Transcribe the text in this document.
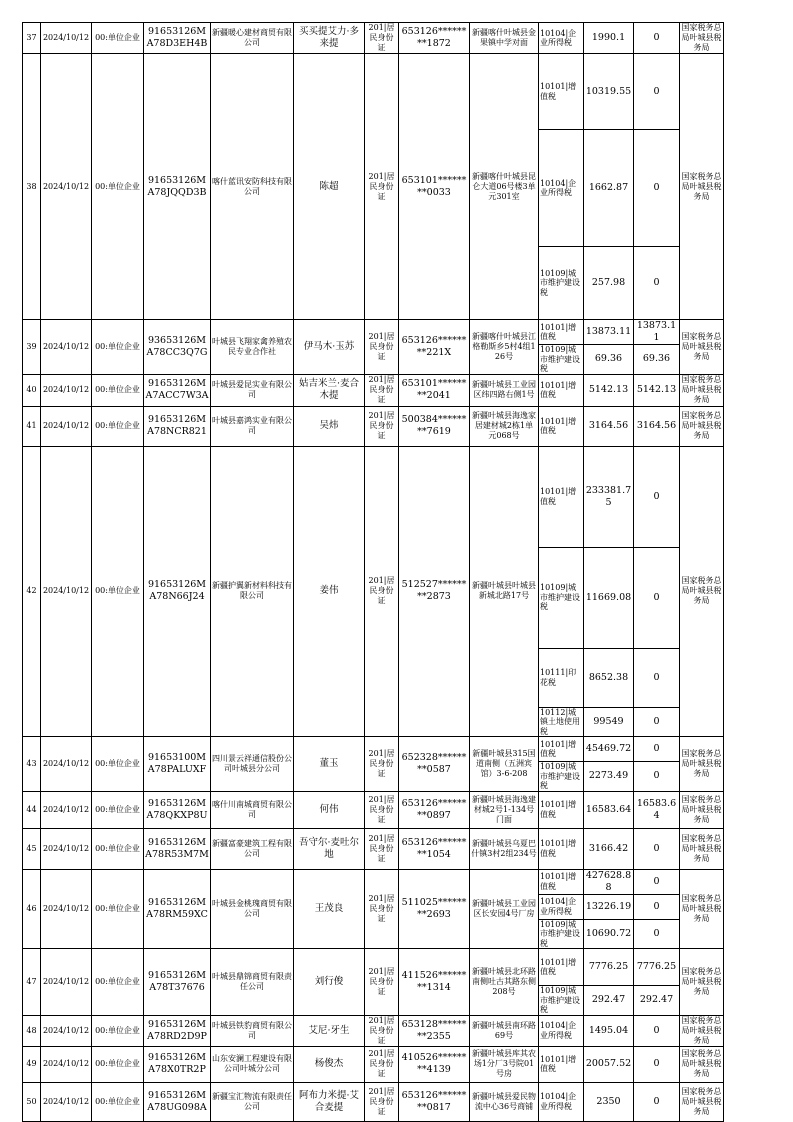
37	2024/10/12	00:单位企业	91653126MA78D3EH4B	新疆暖心建材商贸有限公司	买买提艾力·多来提	201|居民身份证	653126********1872	新疆喀什叶城县金果镇中学对面	10104|企业所得税	1990.1	0	国家税务总局叶城县税务局
38	2024/10/12	00:单位企业	91653126MA78JQQD3B	喀什蓝讯安防科技有限公司	陈超	201|居民身份证	653101********0033	新疆喀什叶城县昆仑大道06号楼3单元301室	10101|增值税	10319.55	0	国家税务总局叶城县税务局
									10104|企业所得税	1662.87	0	
									10109|城市维护建设税	257.98	0	
39	2024/10/12	00:单位企业	93653126MA78CC3Q7G	叶城县飞翔家禽养殖农民专业合作社	伊马木·玉苏	201|居民身份证	653126********221X	新疆喀什叶城县江格勒斯乡5村4组126号	10101|增值税	13873.11	13873.11	国家税务总局叶城县税务局
									10109|城市维护建设税	69.36	69.36	
40	2024/10/12	00:单位企业	91653126MA7ACC7W3A	叶城县爱昆实业有限公司	姑吉米兰·麦合木提	201|居民身份证	653101********2041	新疆叶城县工业园区纬四路右侧1号	10101|增值税	5142.13	5142.13	国家税务总局叶城县税务局
41	2024/10/12	00:单位企业	91653126MA78NCR821	叶城县嘉鸿实业有限公司	吴炜	201|居民身份证	500384********7619	新疆叶城县海逸家居建材城2栋1单元068号	10101|增值税	3164.56	3164.56	国家税务总局叶城县税务局
42	2024/10/12	00:单位企业	91653126MA78N66J24	新疆护翼新材料科技有限公司	姜伟	201|居民身份证	512527********2873	新疆叶城县叶城县新城北路17号	10101|增值税	233381.75	0	国家税务总局叶城县税务局
									10109|城市维护建设税	11669.08	0	
									10111|印花税	8652.38	0	
									10112|城镇土地使用税	99549	0	
43	2024/10/12	00:单位企业	91653100MA78PALUXF	四川景云祥通信股份公司叶城县分公司	董玉	201|居民身份证	652328********0587	新疆叶城县315国道南侧（五洲宾馆）3-6-208	10101|增值税	45469.72	0	国家税务总局叶城县税务局
									10109|城市维护建设税	2273.49	0	
44	2024/10/12	00:单位企业	91653126MA78QKXP8U	喀什川南城商贸有限公司	何伟	201|居民身份证	653126********0897	新疆叶城县海逸建材城2号1-134号门面	10101|增值税	16583.64	16583.64	国家税务总局叶城县税务局
45	2024/10/12	00:单位企业	91653126MA78R53M7M	新疆富豪建筑工程有限公司	吾守尔·麦吐尔地	201|居民身份证	653126********1054	新疆叶城县乌夏巴什镇3村2组234号	10101|增值税	3166.42	0	国家税务总局叶城县税务局
46	2024/10/12	00:单位企业	91653126MA78RM59XC	叶城县金桃瑰商贸有限公司	王茂良	201|居民身份证	511025********2693	新疆叶城县工业园区长安园4号厂房	10101|增值税	427628.88	0	国家税务总局叶城县税务局
									10104|企业所得税	13226.19	0	
									10109|城市维护建设税	10690.72	0	
47	2024/10/12	00:单位企业	91653126MA78T37676	叶城县鼎锦商贸有限责任公司	刘行俊	201|居民身份证	411526********1314	新疆叶城县北环路南侧吐古其路东侧208号	10101|增值税	7776.25	7776.25	国家税务总局叶城县税务局
									10109|城市维护建设税	292.47	292.47	
48	2024/10/12	00:单位企业	91653126MA78RD2D9P	叶城县铁豹商贸有限公司	艾尼·牙生	201|居民身份证	653128********2355	新疆叶城县南环路69号	10104|企业所得税	1495.04	0	国家税务总局叶城县税务局
49	2024/10/12	00:单位企业	91653126MA78X0TR2P	山东安澜工程建设有限公司叶城分公司	杨俊杰	201|居民身份证	410526********4139	新疆叶城县库其农场1分厂3号院01号房	10101|增值税	20057.52	0	国家税务总局叶城县税务局
50	2024/10/12	00:单位企业	91653126MA78UG098A	新疆宝汇物流有限责任公司	阿布力米提·艾合麦提	201|居民身份证	653126********0817	新疆叶城县爱民物流中心36号商铺	10104|企业所得税	2350	0	国家税务总局叶城县税务局
